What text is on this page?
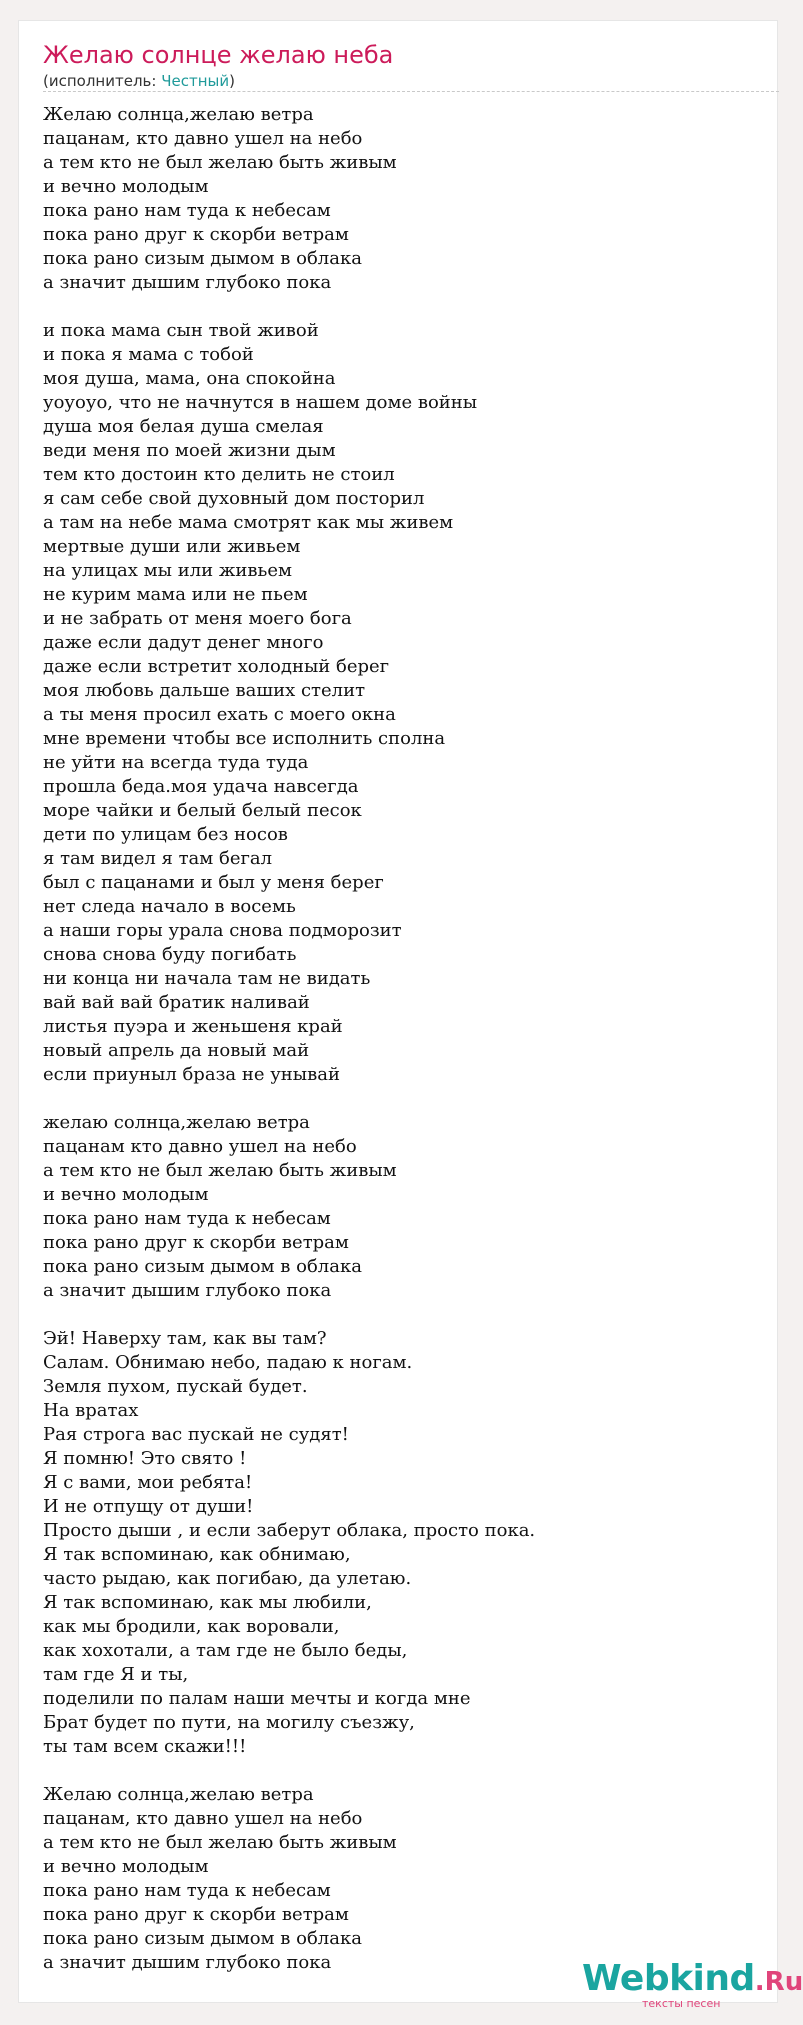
Желаю солнце желаю неба
(исполнитель: Честный)
Желаю солнца,желаю ветра
пацанам, кто давно ушел на небо
а тем кто не был желаю быть живым
и вечно молодым
пока рано нам туда к небесам
пока рано друг к скорби ветрам
пока рано сизым дымом в облака
а значит дышим глубоко пока
и пока мама сын твой живой
и пока я мама с тобой
моя душа, мама, она спокойна
уоуоуо, что не начнутся в нашем доме войны
душа моя белая душа смелая
веди меня по моей жизни дым
тем кто достоин кто делить не стоил
я сам себе свой духовный дом посторил
а там на небе мама смотрят как мы живем
мертвые души или живьем
на улицах мы или живьем
не курим мама или не пьем
и не забрать от меня моего бога
даже если дадут денег много
даже если встретит холодный берег
моя любовь дальше ваших стелит
а ты меня просил ехать с моего окна
мне времени чтобы все исполнить сполна
не уйти на всегда туда туда
прошла беда.моя удача навсегда
море чайки и белый белый песок
дети по улицам без носов
я там видел я там бегал
был с пацанами и был у меня берег
нет следа начало в восемь
а наши горы урала снова подморозит
снова снова буду погибать
ни конца ни начала там не видать
вай вай вай братик наливай
листья пуэра и женьшеня край
новый апрель да новый май
если приуныл браза не унывай
желаю солнца,желаю ветра
пацанам кто давно ушел на небо
а тем кто не был желаю быть живым
и вечно молодым
пока рано нам туда к небесам
пока рано друг к скорби ветрам
пока рано сизым дымом в облака
а значит дышим глубоко пока
Эй! Наверху там, как вы там?
Салам. Обнимаю небо, падаю к ногам.
Земля пухом, пускай будет.
На вратах
Рая строга вас пускай не судят!
Я помню! Это свято !
Я с вами, мои ребята!
И не отпущу от души!
Просто дыши , и если заберут облака, просто пока.
Я так вспоминаю, как обнимаю,
часто рыдаю, как погибаю, да улетаю.
Я так вспоминаю, как мы любили,
как мы бродили, как воровали,
как хохотали, а там где не было беды,
там где Я и ты,
поделили по палам наши мечты и когда мне
Брат будет по пути, на могилу съезжу,
ты там всем скажи!!!
Желаю солнца,желаю ветра
пацанам, кто давно ушел на небо
а тем кто не был желаю быть живым
и вечно молодым
пока рано нам туда к небесам
пока рано друг к скорби ветрам
пока рано сизым дымом в облака
а значит дышим глубоко пока	Webkind.Ru
тексты песен
